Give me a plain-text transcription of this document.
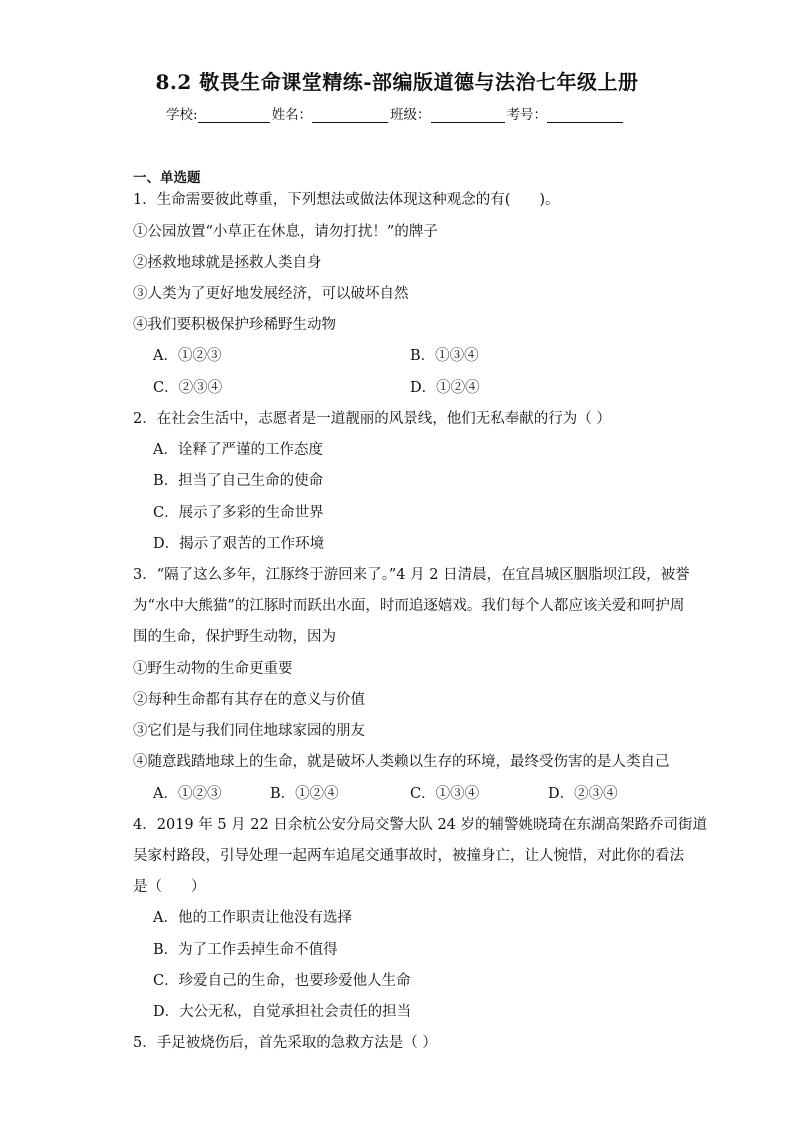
8.2 敬畏生命课堂精练-部编版道德与法治七年级上册
学校:	姓名：	班级：	考号：
一、单选题
1．生命需要彼此尊重，下列想法或做法体现这种观念的有(　　)。
①公园放置“小草正在休息，请勿打扰！”的牌子
②拯救地球就是拯救人类自身
③人类为了更好地发展经济，可以破坏自然
④我们要积极保护珍稀野生动物
A．①②③	B．①③④
C．②③④	D．①②④
2．在社会生活中，志愿者是一道靓丽的风景线，他们无私奉献的行为（ ）
A．诠释了严谨的工作态度
B．担当了自己生命的使命
C．展示了多彩的生命世界
D．揭示了艰苦的工作环境
3．“隔了这么多年，江豚终于游回来了。”4 月 2 日清晨，在宜昌城区胭脂坝江段，被誉
为“水中大熊猫”的江豚时而跃出水面，时而追逐嬉戏。我们每个人都应该关爱和呵护周
围的生命，保护野生动物，因为
①野生动物的生命更重要
②每种生命都有其存在的意义与价值
③它们是与我们同住地球家园的朋友
④随意践踏地球上的生命，就是破坏人类赖以生存的环境，最终受伤害的是人类自己
A．①②③	B．①②④	C．①③④	D．②③④
4．2019 年 5 月 22 日余杭公安分局交警大队 24 岁的辅警姚晓琦在东湖高架路乔司街道
吴家村路段，引导处理一起两车追尾交通事故时，被撞身亡，让人惋惜，对此你的看法
是（　　）
A．他的工作职责让他没有选择
B．为了工作丢掉生命不值得
C．珍爱自己的生命，也要珍爱他人生命
D．大公无私，自觉承担社会责任的担当
5．手足被烧伤后，首先采取的急救方法是（ ）
